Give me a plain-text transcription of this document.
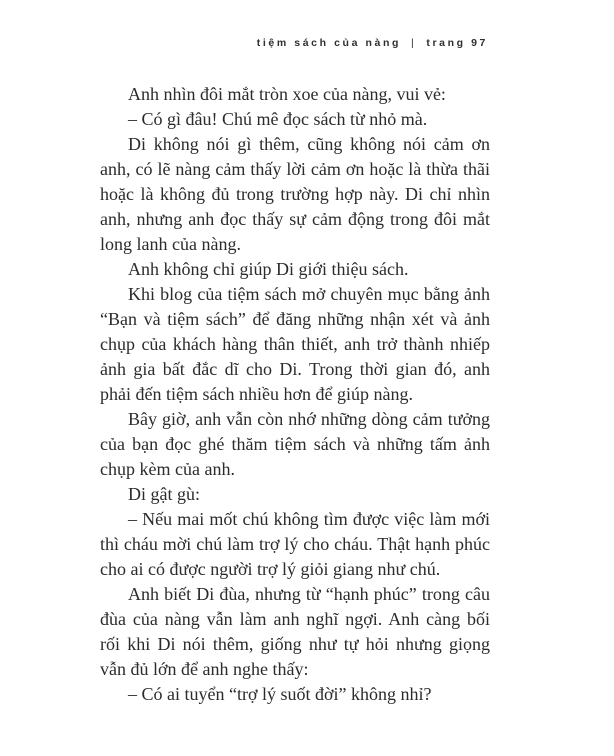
tiệm sách của nàng | trang 97

Anh nhìn đôi mắt tròn xoe của nàng, vui vẻ:

– Có gì đâu! Chú mê đọc sách từ nhỏ mà.

Di không nói gì thêm, cũng không nói cảm ơn anh, có lẽ nàng cảm thấy lời cảm ơn hoặc là thừa thãi hoặc là không đủ trong trường hợp này. Di chỉ nhìn anh, nhưng anh đọc thấy sự cảm động trong đôi mắt long lanh của nàng.

Anh không chỉ giúp Di giới thiệu sách.

Khi blog của tiệm sách mở chuyên mục bằng ảnh “Bạn và tiệm sách” để đăng những nhận xét và ảnh chụp của khách hàng thân thiết, anh trở thành nhiếp ảnh gia bất đắc dĩ cho Di. Trong thời gian đó, anh phải đến tiệm sách nhiều hơn để giúp nàng.

Bây giờ, anh vẫn còn nhớ những dòng cảm tưởng của bạn đọc ghé thăm tiệm sách và những tấm ảnh chụp kèm của anh.

Di gật gù:

– Nếu mai mốt chú không tìm được việc làm mới thì cháu mời chú làm trợ lý cho cháu. Thật hạnh phúc cho ai có được người trợ lý giỏi giang như chú.

Anh biết Di đùa, nhưng từ “hạnh phúc” trong câu đùa của nàng vẫn làm anh nghĩ ngợi. Anh càng bối rối khi Di nói thêm, giống như tự hỏi nhưng giọng vẫn đủ lớn để anh nghe thấy:

– Có ai tuyển “trợ lý suốt đời” không nhỉ?
